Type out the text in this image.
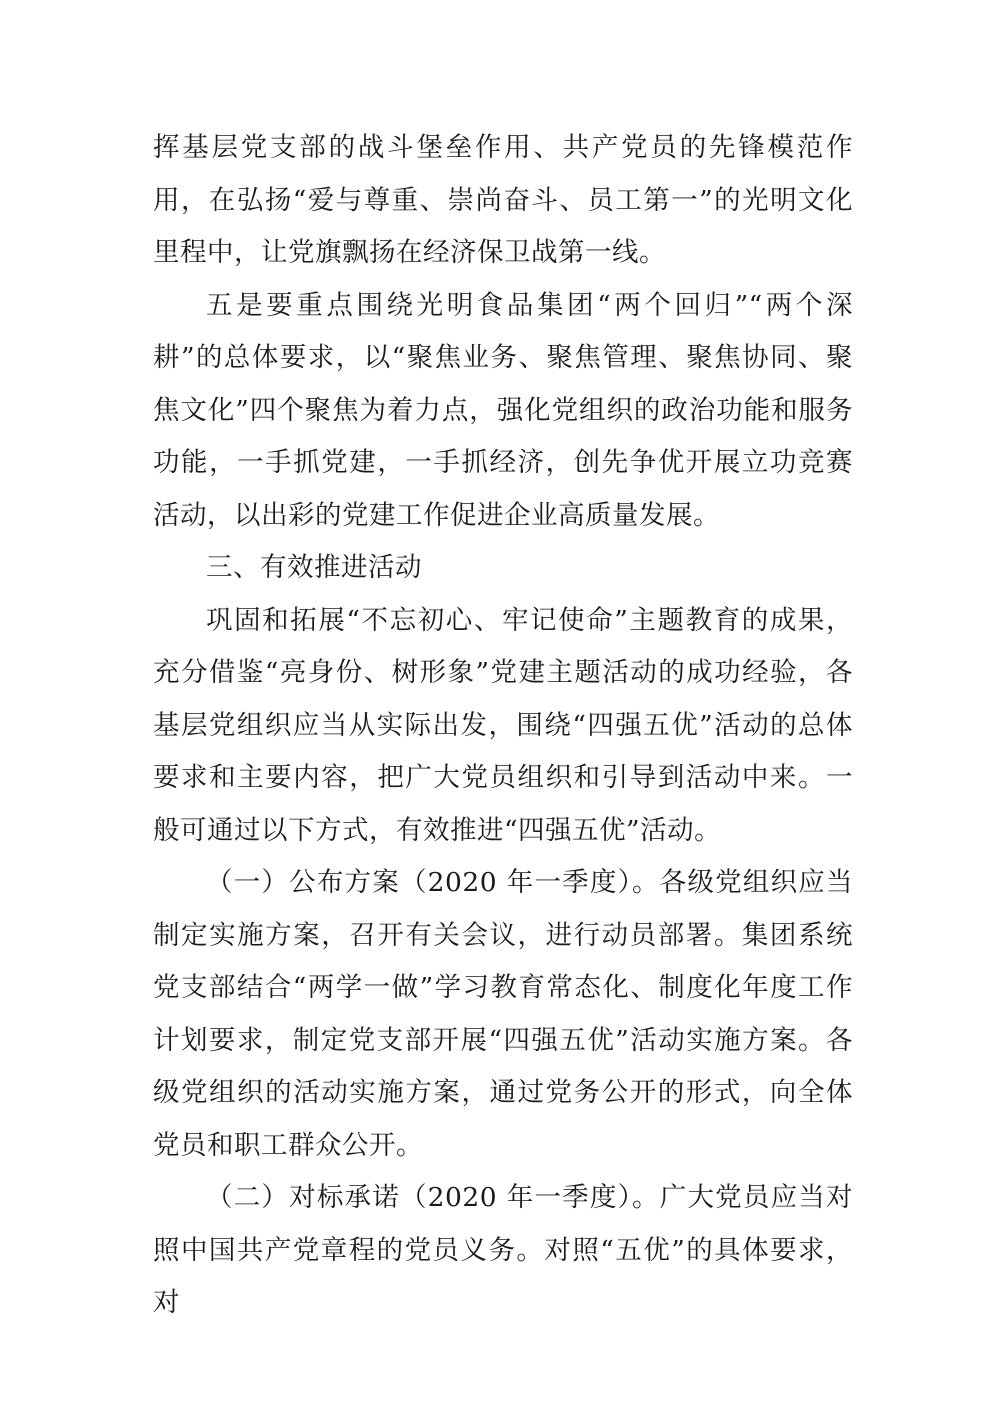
挥基层党支部的战斗堡垒作用、共产党员的先锋模范作用，在弘扬“爱与尊重、崇尚奋斗、员工第一”的光明文化里程中，让党旗飘扬在经济保卫战第一线。

五是要重点围绕光明食品集团“两个回归”“两个深耕”的总体要求，以“聚焦业务、聚焦管理、聚焦协同、聚焦文化”四个聚焦为着力点，强化党组织的政治功能和服务功能，一手抓党建，一手抓经济，创先争优开展立功竞赛活动，以出彩的党建工作促进企业高质量发展。

三、有效推进活动

巩固和拓展“不忘初心、牢记使命”主题教育的成果，充分借鉴“亮身份、树形象”党建主题活动的成功经验，各基层党组织应当从实际出发，围绕“四强五优”活动的总体要求和主要内容，把广大党员组织和引导到活动中来。一般可通过以下方式，有效推进“四强五优”活动。

（一）公布方案（2020 年一季度）。各级党组织应当制定实施方案，召开有关会议，进行动员部署。集团系统党支部结合“两学一做”学习教育常态化、制度化年度工作计划要求，制定党支部开展“四强五优”活动实施方案。各级党组织的活动实施方案，通过党务公开的形式，向全体党员和职工群众公开。

（二）对标承诺（2020 年一季度）。广大党员应当对照中国共产党章程的党员义务。对照“五优”的具体要求，对
